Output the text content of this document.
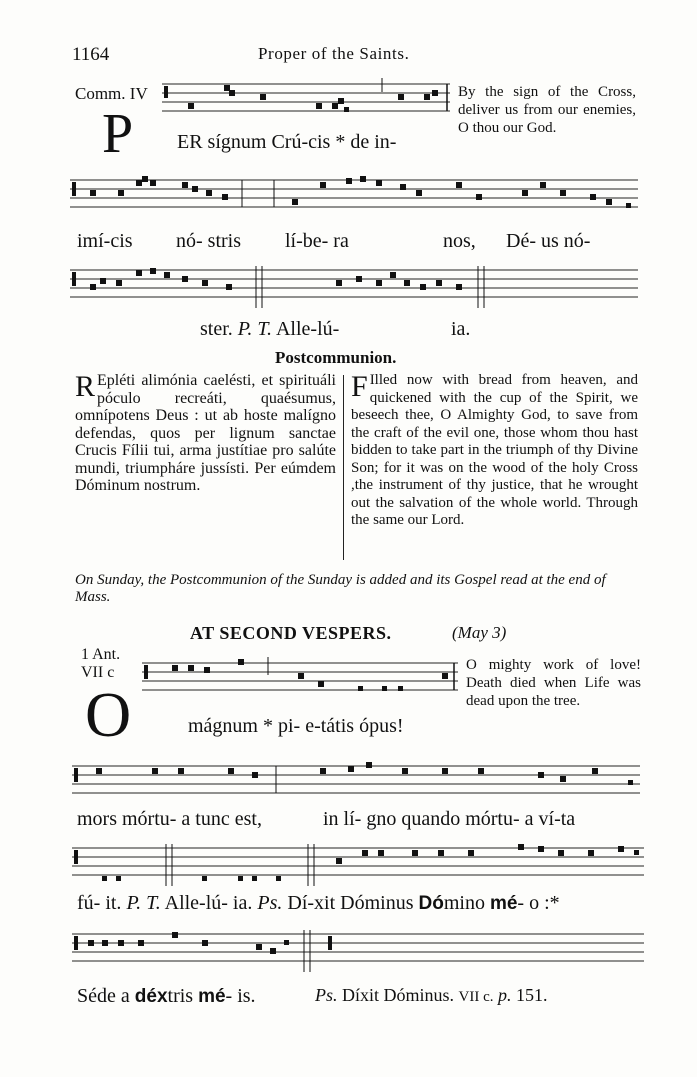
1164	Proper of the Saints.
Comm. IV
P ER sígnum Crú-cis * de in-
By the sign of the Cross, deliver us from our enemies, O thou our God.
imí-cis nó- stris lí-be- ra	nos, Dé- us nó-
ster. P. T. Alle-lú-	ia.
Postcommunion.
R Epléti alimónia caelésti, et spirituáli póculo recreáti, quaésumus, omnípotens Deus : ut ab hoste malígno defendas, quos per lignum sanctae Crucis Fílii tui, arma justítiae pro salúte mundi, triumpháre jussísti. Per eúmdem Dóminum nostrum.
F Illed now with bread from heaven, and quickened with the cup of the Spirit, we beseech thee, O Almighty God, to save from the craft of the evil one, those whom thou hast bidden to take part in the triumph of thy Divine Son; for it was on the wood of the holy Cross ,the instrument of thy justice, that he wrought out the salvation of the whole world. Through the same our Lord.
On Sunday, the Postcommunion of the Sunday is added and its Gospel read at the end of Mass.
AT SECOND VESPERS.	(May 3)
1 Ant.
VII c
O	mágnum * pi- e-tátis ópus!
O mighty work of love! Death died when Life was dead upon the tree.
mors mórtu- a tunc est,	in lí- gno quando mórtu- a ví-ta
fú- it. P. T. Alle-lú- ia. Ps. Dí-xit Dóminus Dómino mé- o :*
Séde a déxtris mé- is.	Ps. Díxit Dóminus. VII c. p. 151.
